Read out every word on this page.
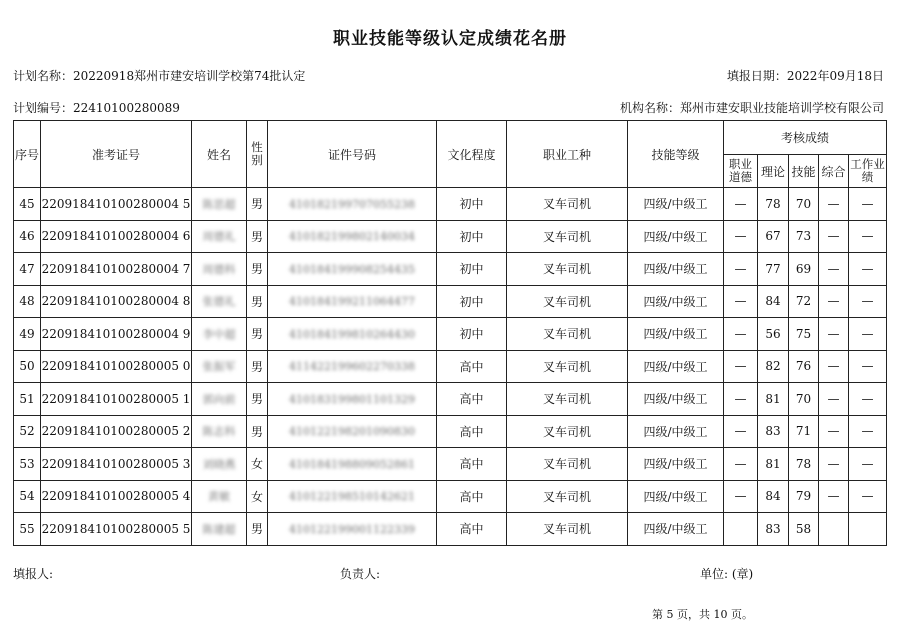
职业技能等级认定成绩花名册
计划名称：20220918郑州市建安培训学校第74批认定	填报日期：2022年09月18日
计划编号：22410100280089	机构名称：郑州市建安职业技能培训学校有限公司
序号	准考证号	姓名	性别	证件号码	文化程度	职业工种	技能等级	考核成绩				
								职业道德	理论	技能	综合	工作业绩
45	220918410100280004 5	陈思超	男	410182199707055238	初中	叉车司机	四级/中级工	—	78	70	—	—
46	220918410100280004 6	周德礼	男	410182199802140034	初中	叉车司机	四级/中级工	—	67	73	—	—
47	220918410100280004 7	周德科	男	410184199908254435	初中	叉车司机	四级/中级工	—	77	69	—	—
48	220918410100280004 8	张德礼	男	410184199211064477	初中	叉车司机	四级/中级工	—	84	72	—	—
49	220918410100280004 9	李中超	男	410184199810264430	初中	叉车司机	四级/中级工	—	56	75	—	—
50	220918410100280005 0	张振军	男	411422199602270338	高中	叉车司机	四级/中级工	—	82	76	—	—
51	220918410100280005 1	郭向前	男	410183199801101329	高中	叉车司机	四级/中级工	—	81	70	—	—
52	220918410100280005 2	陈志科	男	410122198201090830	高中	叉车司机	四级/中级工	—	83	71	—	—
53	220918410100280005 3	刘晓燕	女	410184198809052861	高中	叉车司机	四级/中级工	—	81	78	—	—
54	220918410100280005 4	黄敏	女	410122198510142621	高中	叉车司机	四级/中级工	—	84	79	—	—
55	220918410100280005 5	陈建超	男	410122199001122339	高中	叉车司机	四级/中级工		83	58		
填报人:	负责人:	单位: (章)
第 5 页，共 10 页。
